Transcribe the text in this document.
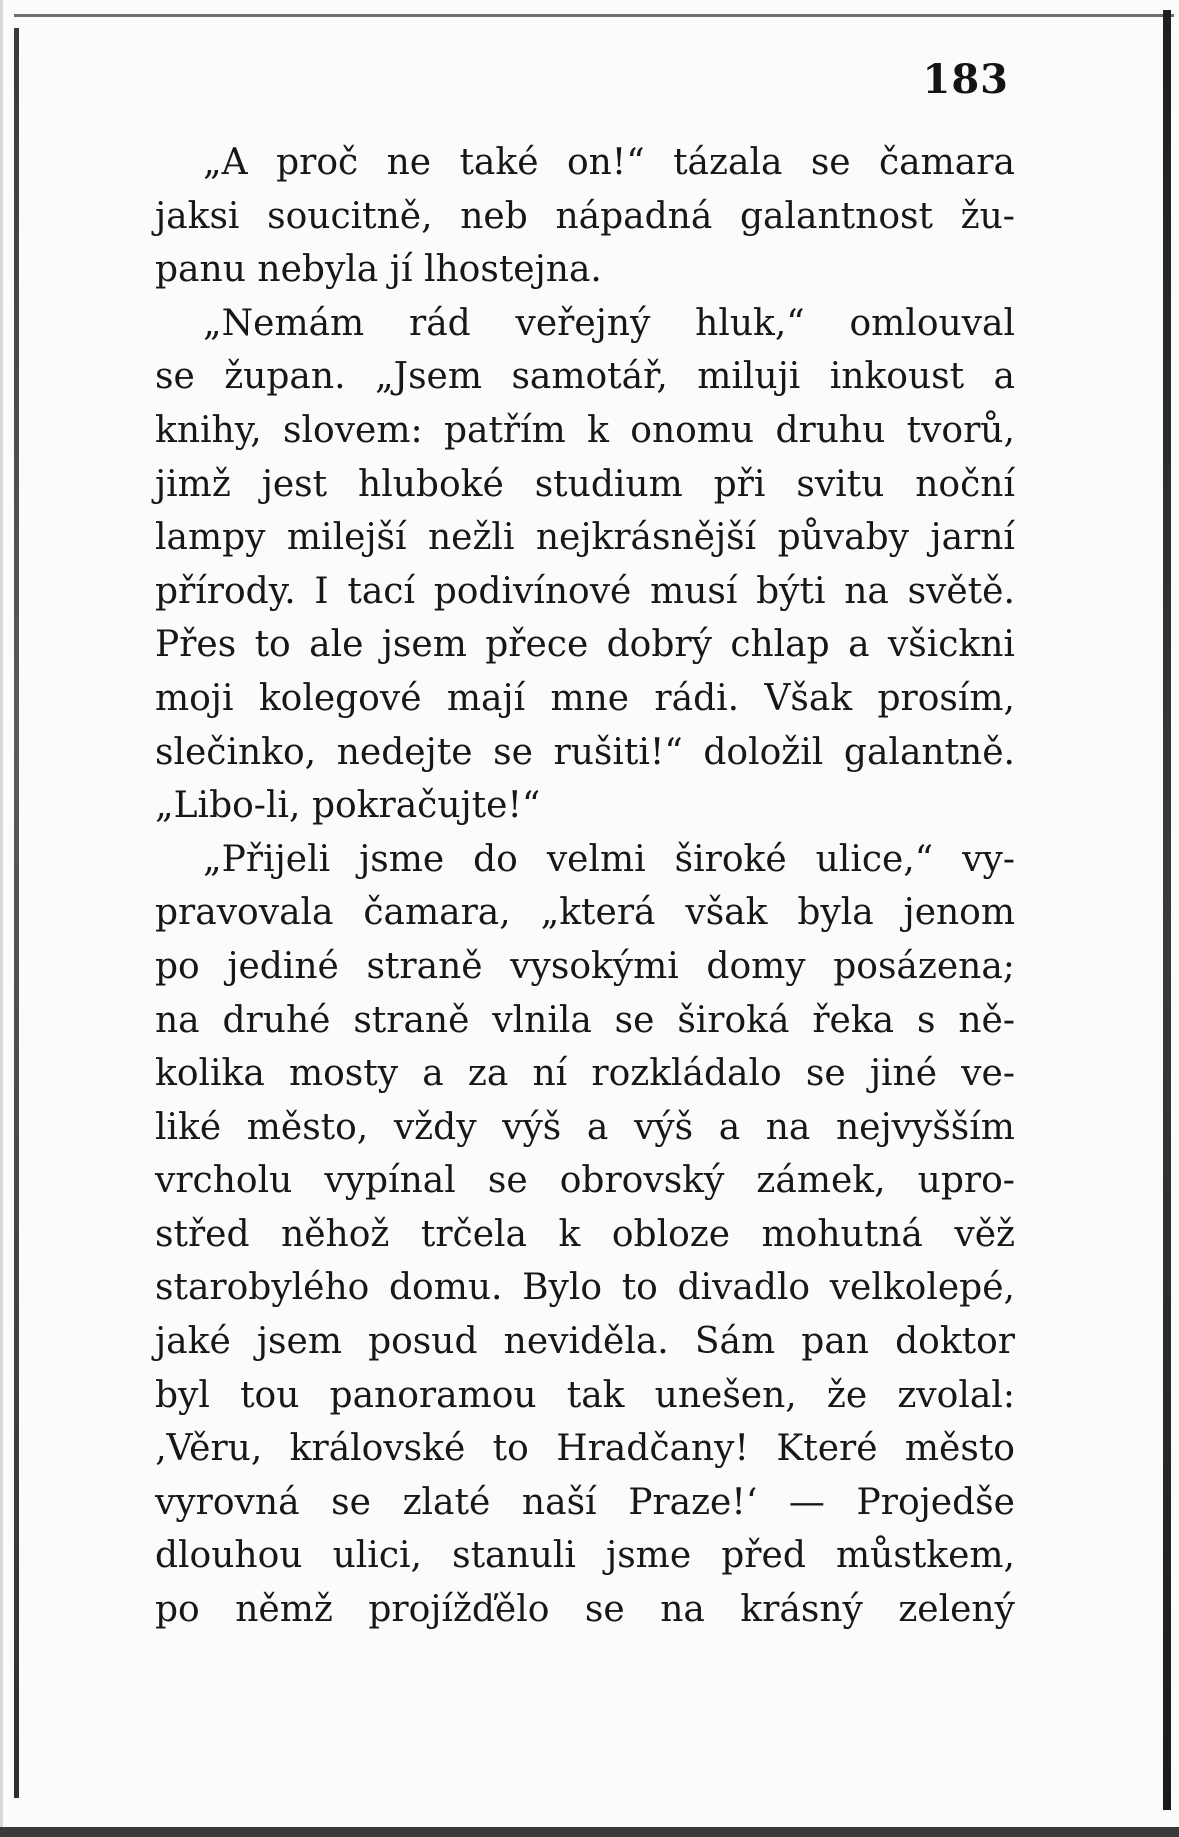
183
„A proč ne také on!“ tázala se čamara
jaksi soucitně, neb nápadná galantnost žu-
panu nebyla jí lhostejna.
„Nemám rád veřejný hluk,“ omlouval
se župan. „Jsem samotář, miluji inkoust a
knihy, slovem: patřím k onomu druhu tvorů,
jimž jest hluboké studium při svitu noční
lampy milejší nežli nejkrásnější půvaby jarní
přírody. I tací podivínové musí býti na světě.
Přes to ale jsem přece dobrý chlap a všickni
moji kolegové mají mne rádi. Však prosím,
slečinko, nedejte se rušiti!“ doložil galantně.
„Libo-li, pokračujte!“
„Přijeli jsme do velmi široké ulice,“ vy-
pravovala čamara, „která však byla jenom
po jediné straně vysokými domy posázena;
na druhé straně vlnila se široká řeka s ně-
kolika mosty a za ní rozkládalo se jiné ve-
liké město, vždy výš a výš a na nejvyšším
vrcholu vypínal se obrovský zámek, upro-
střed něhož trčela k obloze mohutná věž
starobylého domu. Bylo to divadlo velkolepé,
jaké jsem posud neviděla. Sám pan doktor
byl tou panoramou tak unešen, že zvolal:
‚Věru, královské to Hradčany! Které město
vyrovná se zlaté naší Praze!‘ — Projedše
dlouhou ulici, stanuli jsme před můstkem,
po němž projížďělo se na krásný zelený
